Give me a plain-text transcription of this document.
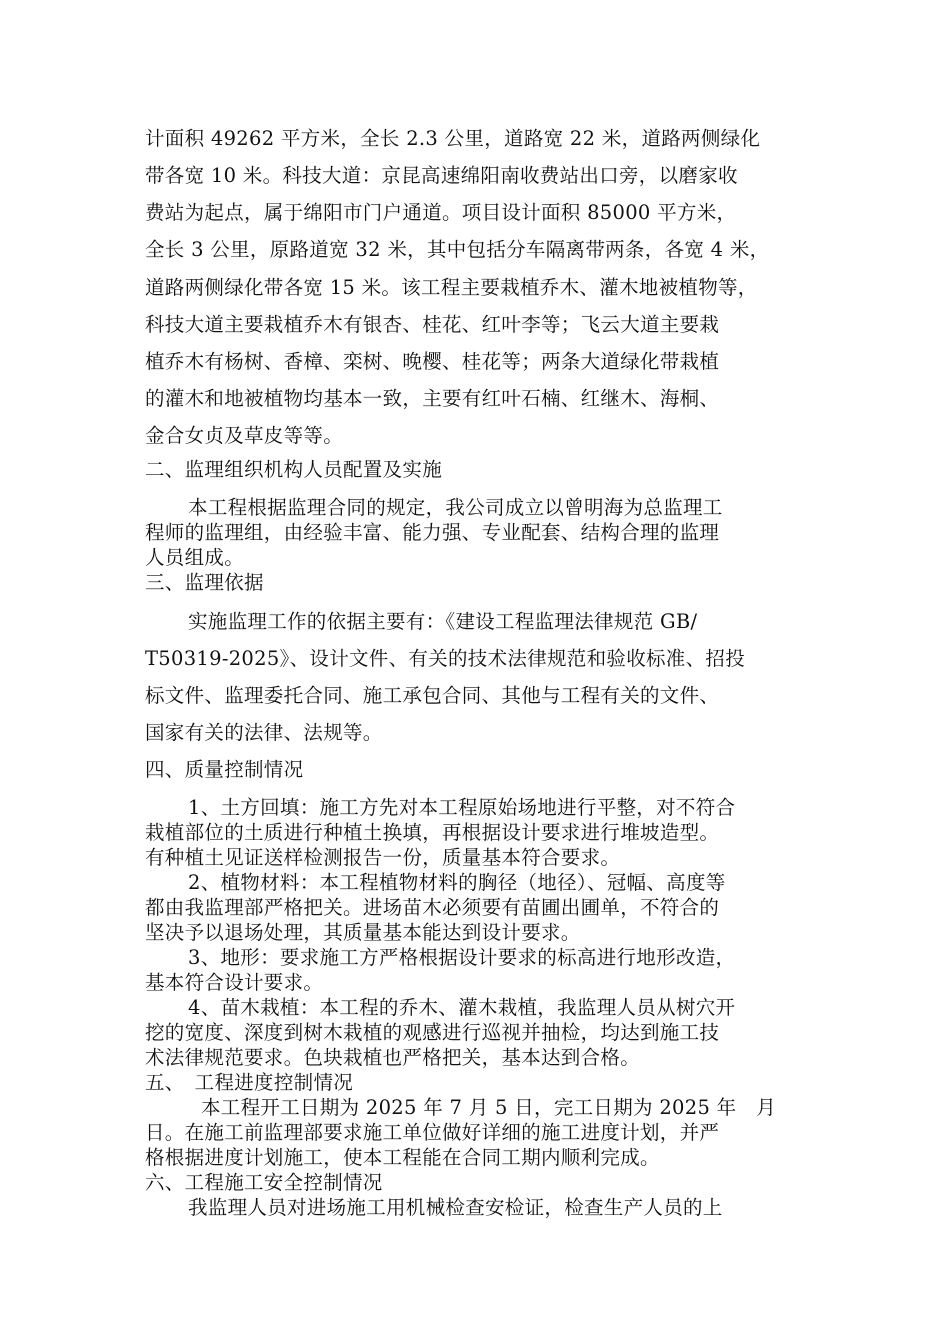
计面积 49262 平方米，全长 2.3 公里，道路宽 22 米，道路两侧绿化
带各宽 10 米。科技大道：京昆高速绵阳南收费站出口旁，以磨家收
费站为起点，属于绵阳市门户通道。项目设计面积 85000 平方米，
全长 3 公里，原路道宽 32 米，其中包括分车隔离带两条，各宽 4 米，
道路两侧绿化带各宽 15 米。该工程主要栽植乔木、灌木地被植物等，
科技大道主要栽植乔木有银杏、桂花、红叶李等；飞云大道主要栽
植乔木有杨树、香樟、栾树、晚樱、桂花等；两条大道绿化带栽植
的灌木和地被植物均基本一致，主要有红叶石楠、红继木、海桐、
金合女贞及草皮等等。
二、监理组织机构人员配置及实施
本工程根据监理合同的规定，我公司成立以曾明海为总监理工
程师的监理组，由经验丰富、能力强、专业配套、结构合理的监理
人员组成。
三、监理依据
实施监理工作的依据主要有：《建设工程监理法律规范 GB/
T50319-2025》、设计文件、有关的技术法律规范和验收标准、招投
标文件、监理委托合同、施工承包合同、其他与工程有关的文件、
国家有关的法律、法规等。
四、质量控制情况
1、土方回填：施工方先对本工程原始场地进行平整，对不符合
栽植部位的土质进行种植土换填，再根据设计要求进行堆坡造型。
有种植土见证送样检测报告一份，质量基本符合要求。
2、植物材料：本工程植物材料的胸径（地径）、冠幅、高度等
都由我监理部严格把关。进场苗木必须要有苗圃出圃单，不符合的
坚决予以退场处理，其质量基本能达到设计要求。
3、地形：要求施工方严格根据设计要求的标高进行地形改造，
基本符合设计要求。
4、苗木栽植：本工程的乔木、灌木栽植，我监理人员从树穴开
挖的宽度、深度到树木栽植的观感进行巡视并抽检，均达到施工技
术法律规范要求。色块栽植也严格把关，基本达到合格。
五、　工程进度控制情况
本工程开工日期为 2025 年 7 月 5 日，完工日期为 2025 年　月
日。在施工前监理部要求施工单位做好详细的施工进度计划，并严
格根据进度计划施工，使本工程能在合同工期内顺利完成。
六、工程施工安全控制情况
我监理人员对进场施工用机械检查安检证，检查生产人员的上
